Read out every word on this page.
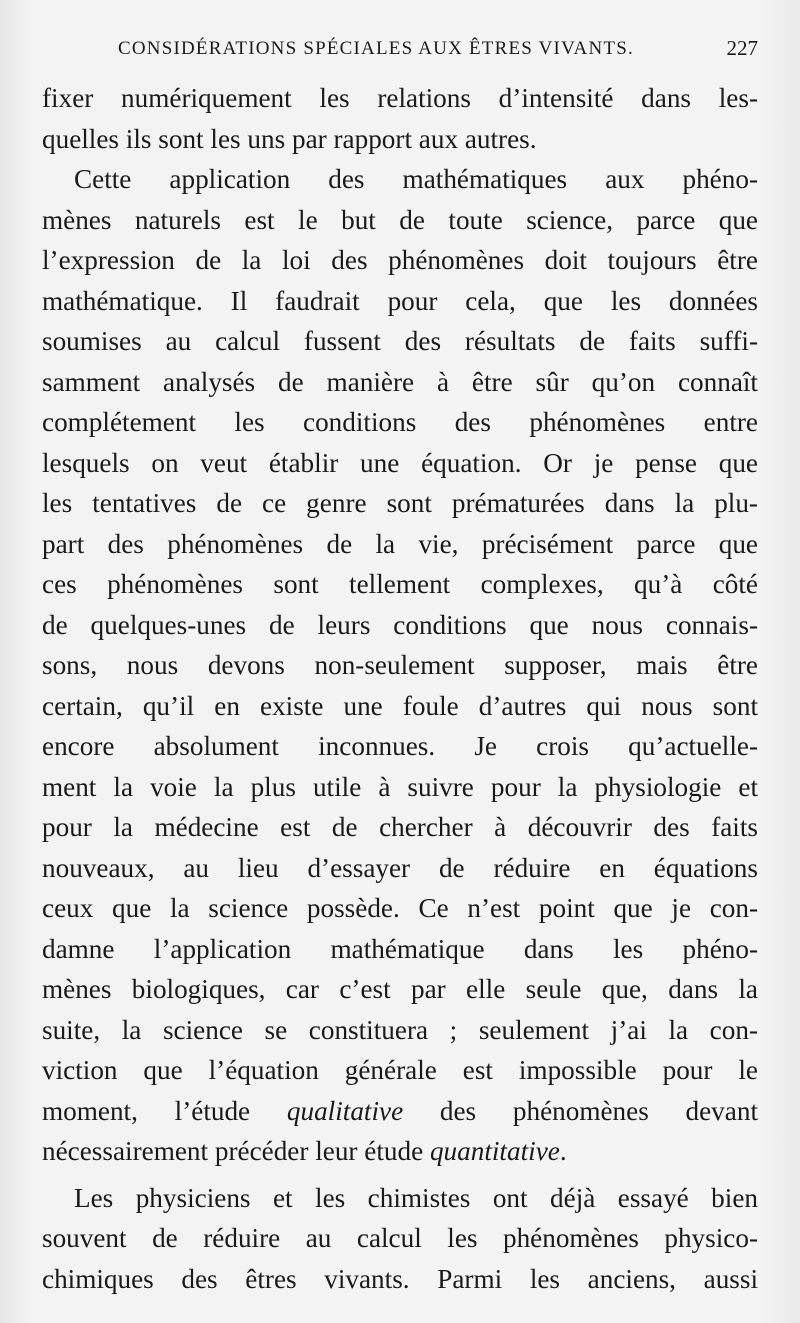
CONSIDÉRATIONS SPÉCIALES AUX ÊTRES VIVANTS.	227
fixer numériquement les relations d’intensité dans les-
quelles ils sont les uns par rapport aux autres.
Cette application des mathématiques aux phéno-
mènes naturels est le but de toute science, parce que
l’expression de la loi des phénomènes doit toujours être
mathématique. Il faudrait pour cela, que les données
soumises au calcul fussent des résultats de faits suffi-
samment analysés de manière à être sûr qu’on connaît
complétement les conditions des phénomènes entre
lesquels on veut établir une équation. Or je pense que
les tentatives de ce genre sont prématurées dans la plu-
part des phénomènes de la vie, précisément parce que
ces phénomènes sont tellement complexes, qu’à côté
de quelques-unes de leurs conditions que nous connais-
sons, nous devons non-seulement supposer, mais être
certain, qu’il en existe une foule d’autres qui nous sont
encore absolument inconnues. Je crois qu’actuelle-
ment la voie la plus utile à suivre pour la physiologie et
pour la médecine est de chercher à découvrir des faits
nouveaux, au lieu d’essayer de réduire en équations
ceux que la science possède. Ce n’est point que je con-
damne l’application mathématique dans les phéno-
mènes biologiques, car c’est par elle seule que, dans la
suite, la science se constituera ; seulement j’ai la con-
viction que l’équation générale est impossible pour le
moment, l’étude qualitative des phénomènes devant
nécessairement précéder leur étude quantitative.
Les physiciens et les chimistes ont déjà essayé bien
souvent de réduire au calcul les phénomènes physico-
chimiques des êtres vivants. Parmi les anciens, aussi
